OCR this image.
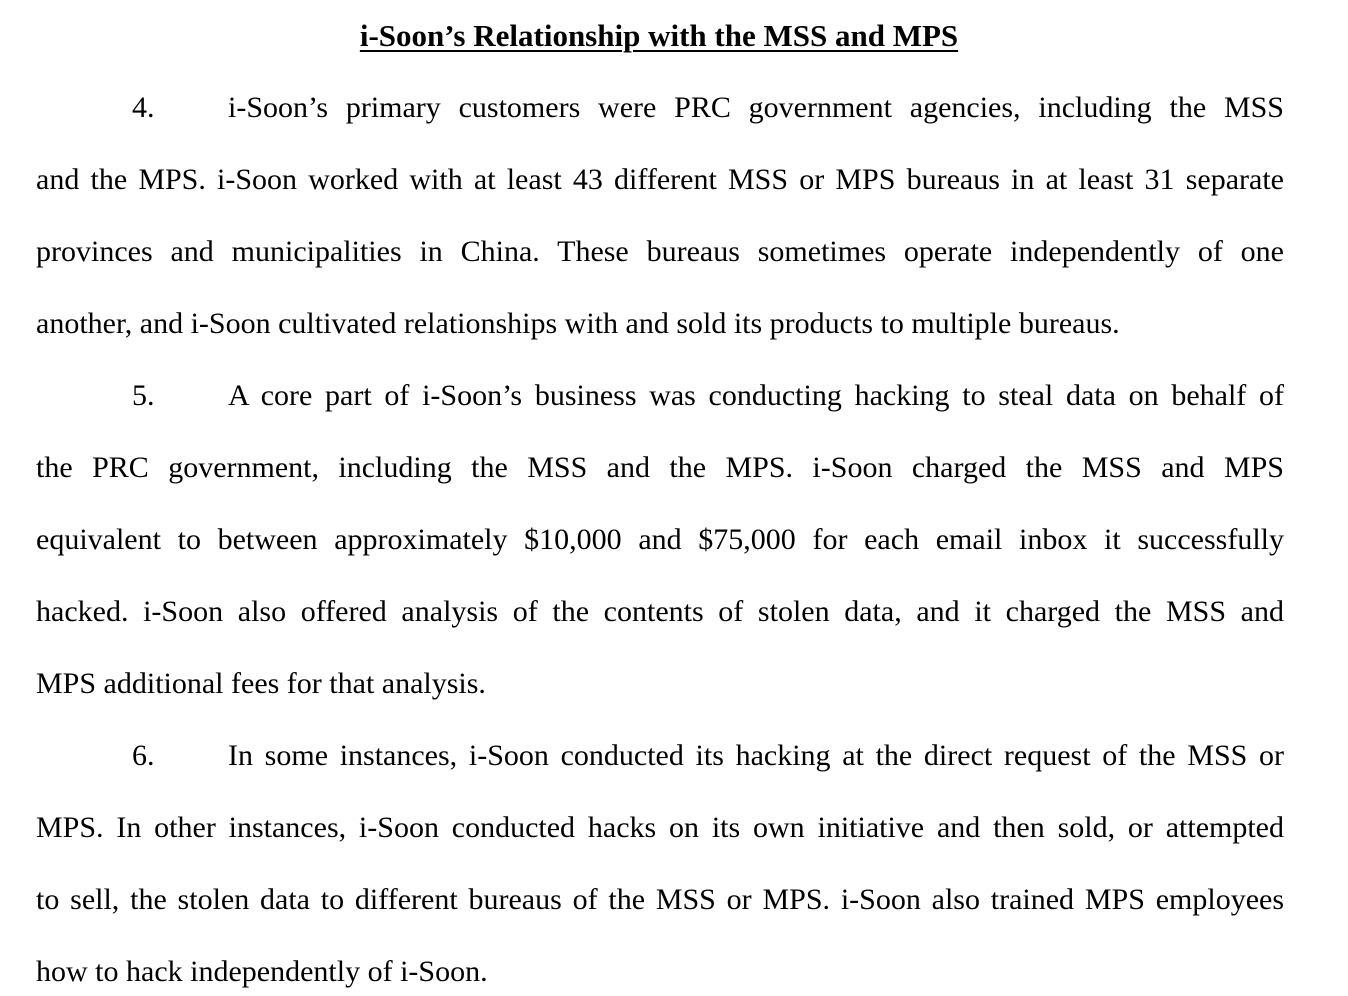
i-Soon’s Relationship with the MSS and MPS
4. i-Soon’s primary customers were PRC government agencies, including the MSS
and the MPS. i-Soon worked with at least 43 different MSS or MPS bureaus in at least 31 separate
provinces and municipalities in China. These bureaus sometimes operate independently of one
another, and i-Soon cultivated relationships with and sold its products to multiple bureaus.
5. A core part of i-Soon’s business was conducting hacking to steal data on behalf of
the PRC government, including the MSS and the MPS. i-Soon charged the MSS and MPS
equivalent to between approximately $10,000 and $75,000 for each email inbox it successfully
hacked. i-Soon also offered analysis of the contents of stolen data, and it charged the MSS and
MPS additional fees for that analysis.
6. In some instances, i-Soon conducted its hacking at the direct request of the MSS or
MPS. In other instances, i-Soon conducted hacks on its own initiative and then sold, or attempted
to sell, the stolen data to different bureaus of the MSS or MPS. i-Soon also trained MPS employees
how to hack independently of i-Soon.
